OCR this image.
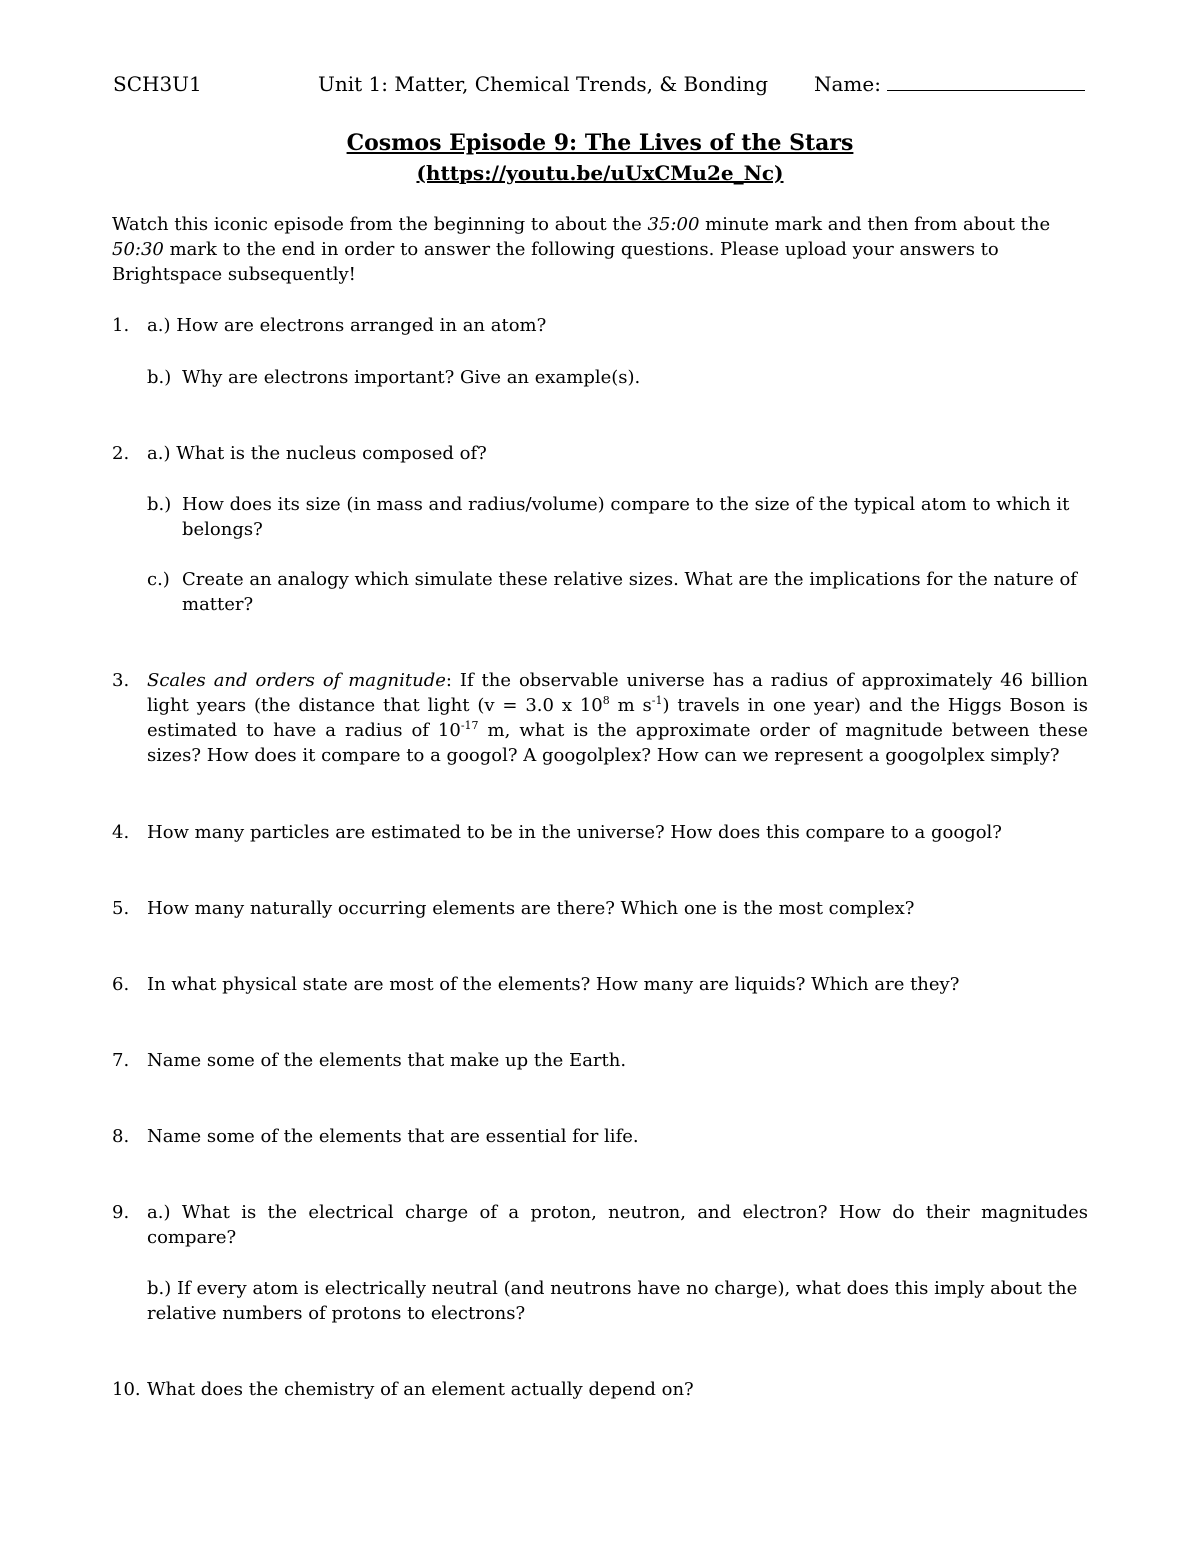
SCH3U1	Unit 1: Matter, Chemical Trends, & Bonding Name:
Cosmos Episode 9: The Lives of the Stars
(https://youtu.be/uUxCMu2e_Nc)
Watch this iconic episode from the beginning to about the 35:00 minute mark and then from about the 50:30 mark to the end in order to answer the following questions. Please upload your answers to Brightspace subsequently!
1. a.) How are electrons arranged in an atom?
b.) Why are electrons important? Give an example(s).
2. a.) What is the nucleus composed of?
b.) How does its size (in mass and radius/volume) compare to the size of the typical atom to which it belongs?
c.) Create an analogy which simulate these relative sizes. What are the implications for the nature of matter?
3. Scales and orders of magnitude: If the observable universe has a radius of approximately 46 billion light years (the distance that light (v = 3.0 x $10^8$ m $s^{-1}$) travels in one year) and the Higgs Boson is estimated to have a radius of $10^{-17}$ m, what is the approximate order of magnitude between these sizes? How does it compare to a googol? A googolplex? How can we represent a googolplex simply?
4. How many particles are estimated to be in the universe? How does this compare to a googol?
5. How many naturally occurring elements are there? Which one is the most complex?
6. In what physical state are most of the elements? How many are liquids? Which are they?
7. Name some of the elements that make up the Earth.
8. Name some of the elements that are essential for life.
9. a.) What is the electrical charge of a proton, neutron, and electron? How do their magnitudes compare?
b.) If every atom is electrically neutral (and neutrons have no charge), what does this imply about the relative numbers of protons to electrons?
10. What does the chemistry of an element actually depend on?
